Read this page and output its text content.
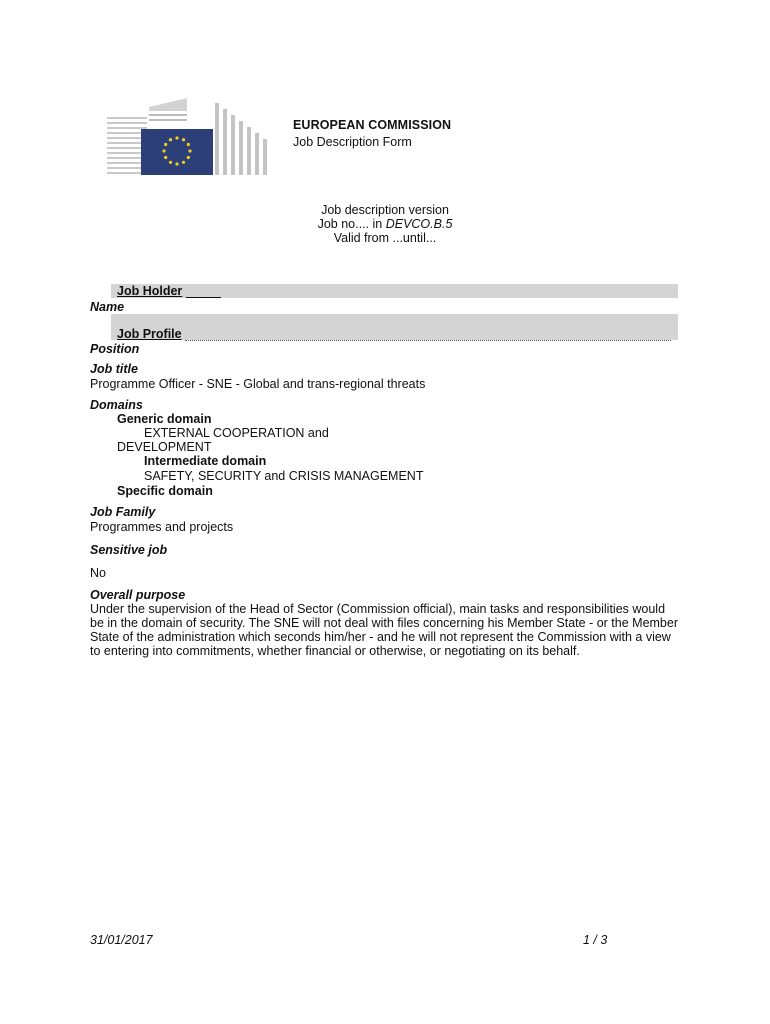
EUROPEAN COMMISSION
Job Description Form
Job description version
Job no.... in DEVCO.B.5
Valid from ...until...
Job Holder
Name
Job Profile
Position
Job title
Programme Officer - SNE - Global and trans-regional threats
Domains
Generic domain
EXTERNAL COOPERATION and
DEVELOPMENT
Intermediate domain
SAFETY, SECURITY and CRISIS MANAGEMENT
Specific domain
Job Family
Programmes and projects
Sensitive job
No
Overall purpose
Under the supervision of the Head of Sector (Commission official), main tasks and responsibilities would be in the domain of security. The SNE will not deal with files concerning his Member State - or the Member State of the administration which seconds him/her - and he will not represent the Commission with a view to entering into commitments, whether financial or otherwise, or negotiating on its behalf.
31/01/2017	1 / 3
